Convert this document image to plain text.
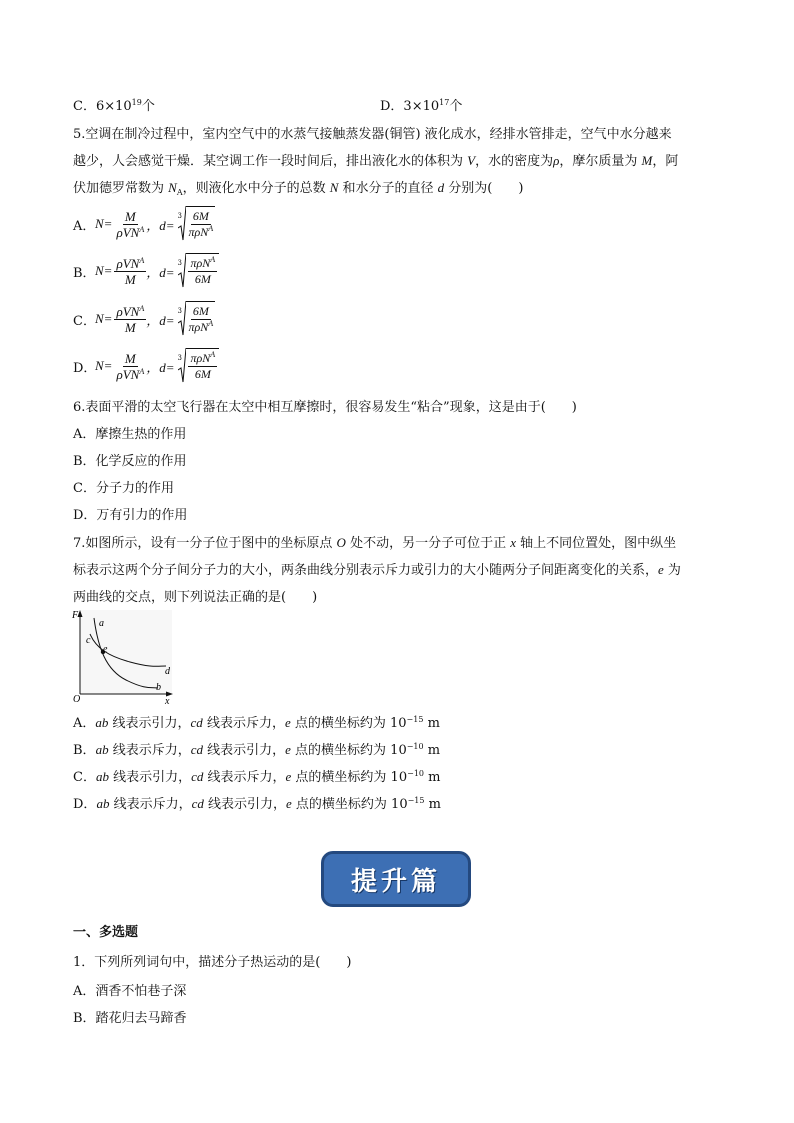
C．$6\times 10^{19}$个	D．$3\times 10^{17}$个
5.空调在制冷过程中，室内空气中的水蒸气接触蒸发器(铜管) 液化成水，经排水管排走，空气中水分越来
越少，人会感觉干燥．某空调工作一段时间后，排出液化水的体积为 V，水的密度为ρ，摩尔质量为 M，阿
伏加德罗常数为 $N_A$，则液化水中分子的总数 N 和水分子的直径 d 分别为(　　)
A． $N= \frac{M}{\rho VN^A}$ ，d=
3 6M
πρN$^A$
B． $N= \frac{\rho VN^A}{M}$ ，d=
3 πρN$^A$
6M
C． $N= \frac{\rho VN^A}{M}$ ，d=
3 6M
πρN$^A$
D．
$N= \frac{M}{\rho VN^A}$ ，d=
3 πρN$^A$
6M
6.表面平滑的太空飞行器在太空中相互摩擦时，很容易发生“粘合”现象，这是由于(　　)
A．摩擦生热的作用
B．化学反应的作用
C．分子力的作用
D．万有引力的作用
7.如图所示，设有一分子位于图中的坐标原点 O 处不动，另一分子可位于正 x 轴上不同位置处，图中纵坐
标表示这两个分子间分子力的大小，两条曲线分别表示斥力或引力的大小随两分子间距离变化的关系，e 为
两曲线的交点，则下列说法正确的是(　　)
F
O	x
a
b
c
d
e
A．ab 线表示引力，cd 线表示斥力，e 点的横坐标约为 $10^{-15}$ m
B．ab 线表示斥力，cd 线表示引力，e 点的横坐标约为 $10^{-10}$ m
C．ab 线表示引力，cd 线表示斥力，e 点的横坐标约为 $10^{-10}$ m
D．ab 线表示斥力，cd 线表示引力，e 点的横坐标约为 $10^{-15}$ m
提升篇
一、多选题
1．下列所列词句中，描述分子热运动的是(　　)
A．酒香不怕巷子深
B．踏花归去马蹄香
